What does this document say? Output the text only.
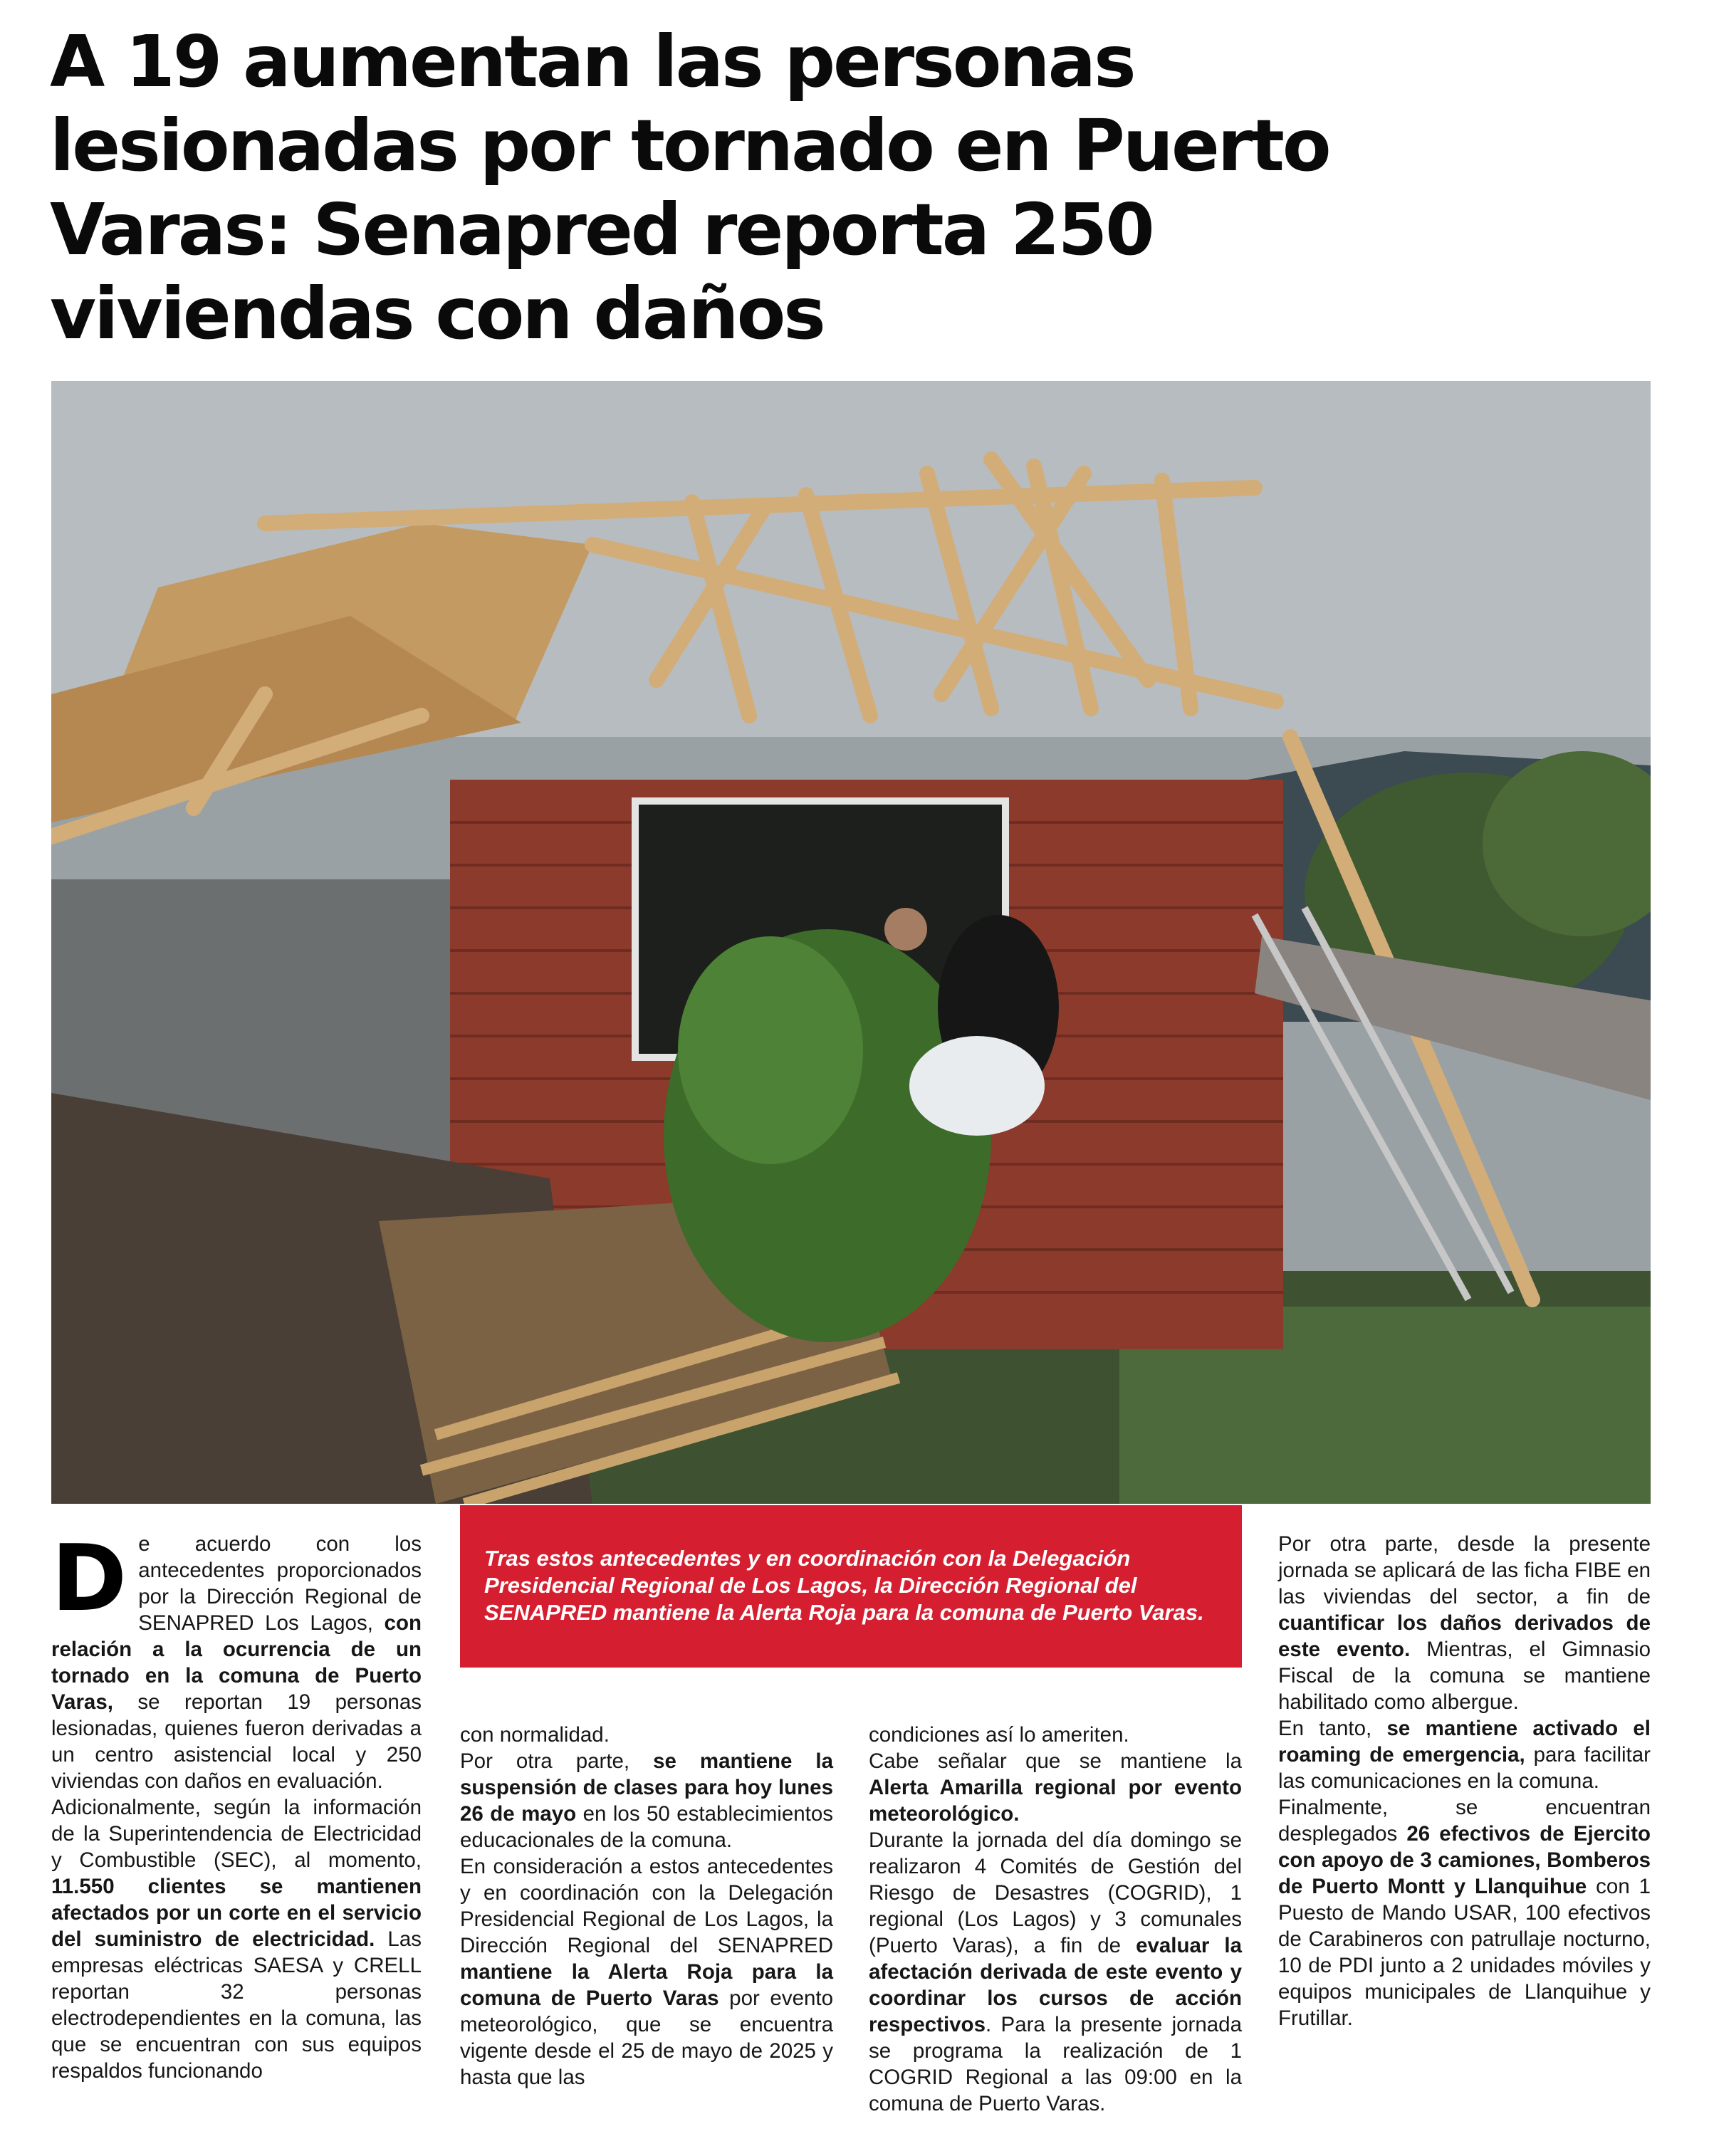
A 19 aumentan las personas lesionadas por tornado en Puerto Varas: Senapred reporta 250 viviendas con daños
D e acuerdo con los antecedentes proporcionados por la Dirección Regional de SENAPRED Los Lagos, con relación a la ocurrencia de un tornado en la comuna de Puerto Varas, se reportan 19 personas lesionadas, quienes fueron derivadas a un centro asistencial local y 250 viviendas con daños en evaluación.

Adicionalmente, según la información de la Superintendencia de Electricidad y Combustible (SEC), al momento, 11.550 clientes se mantienen afectados por un corte en el servicio del suministro de electricidad. Las empresas eléctricas SAESA y CRELL reportan 32 personas electrodependientes en la comuna, las que se encuentran con sus equipos respaldos funcionando

Tras estos antecedentes y en coordinación con la Delegación Presidencial Regional de Los Lagos, la Dirección Regional del SENAPRED mantiene la Alerta Roja para la comuna de Puerto Varas.

con normalidad.

Por otra parte, se mantiene la suspensión de clases para hoy lunes 26 de mayo en los 50 establecimientos educacionales de la comuna.

En consideración a estos antecedentes y en coordinación con la Delegación Presidencial Regional de Los Lagos, la Dirección Regional del SENAPRED mantiene la Alerta Roja para la comuna de Puerto Varas por evento meteorológico, que se encuentra vigente desde el 25 de mayo de 2025 y hasta que las

condiciones así lo ameriten.

Cabe señalar que se mantiene la Alerta Amarilla regional por evento meteorológico.

Durante la jornada del día domingo se realizaron 4 Comités de Gestión del Riesgo de Desastres (COGRID), 1 regional (Los Lagos) y 3 comunales (Puerto Varas), a fin de evaluar la afectación derivada de este evento y coordinar los cursos de acción respectivos. Para la presente jornada se programa la realización de 1 COGRID Regional a las 09:00 en la comuna de Puerto Varas.

Por otra parte, desde la presente jornada se aplicará de las ficha FIBE en las viviendas del sector, a fin de cuantificar los daños derivados de este evento. Mientras, el Gimnasio Fiscal de la comuna se mantiene habilitado como albergue.

En tanto, se mantiene activado el roaming de emergencia, para facilitar las comunicaciones en la comuna.

Finalmente, se encuentran desplegados 26 efectivos de Ejercito con apoyo de 3 camiones, Bomberos de Puerto Montt y Llanquihue con 1 Puesto de Mando USAR, 100 efectivos de Carabineros con patrullaje nocturno, 10 de PDI junto a 2 unidades móviles y equipos municipales de Llanquihue y Frutillar.
